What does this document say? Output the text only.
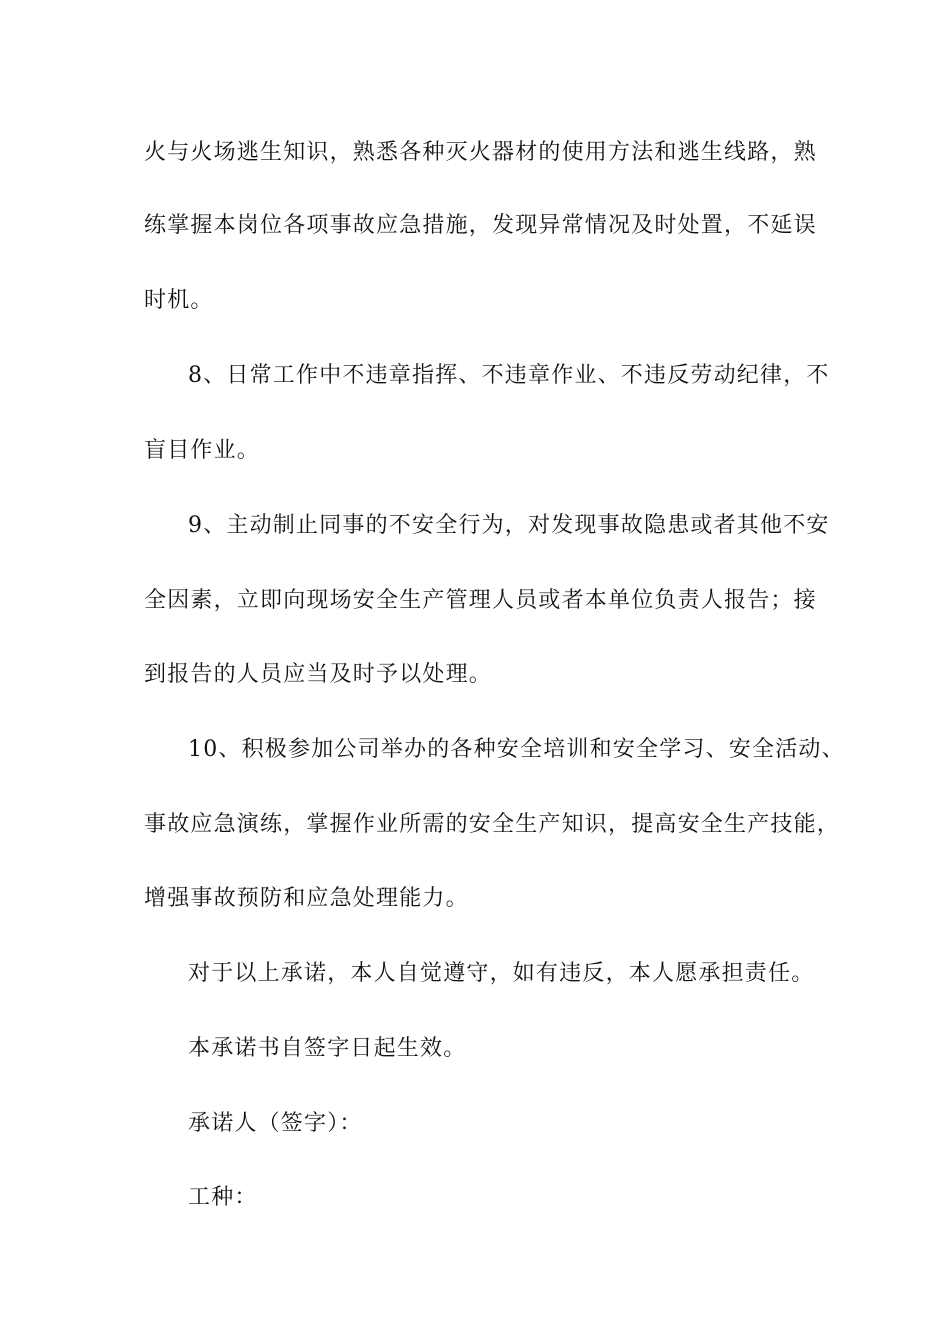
火与火场逃生知识，熟悉各种灭火器材的使用方法和逃生线路，熟
练掌握本岗位各项事故应急措施，发现异常情况及时处置，不延误
时机。
8、日常工作中不违章指挥、不违章作业、不违反劳动纪律，不
盲目作业。
9、主动制止同事的不安全行为，对发现事故隐患或者其他不安
全因素，立即向现场安全生产管理人员或者本单位负责人报告；接
到报告的人员应当及时予以处理。
10、积极参加公司举办的各种安全培训和安全学习、安全活动、
事故应急演练，掌握作业所需的安全生产知识，提高安全生产技能，
增强事故预防和应急处理能力。
对于以上承诺，本人自觉遵守，如有违反，本人愿承担责任。
本承诺书自签字日起生效。
承诺人（签字）：
工种：
